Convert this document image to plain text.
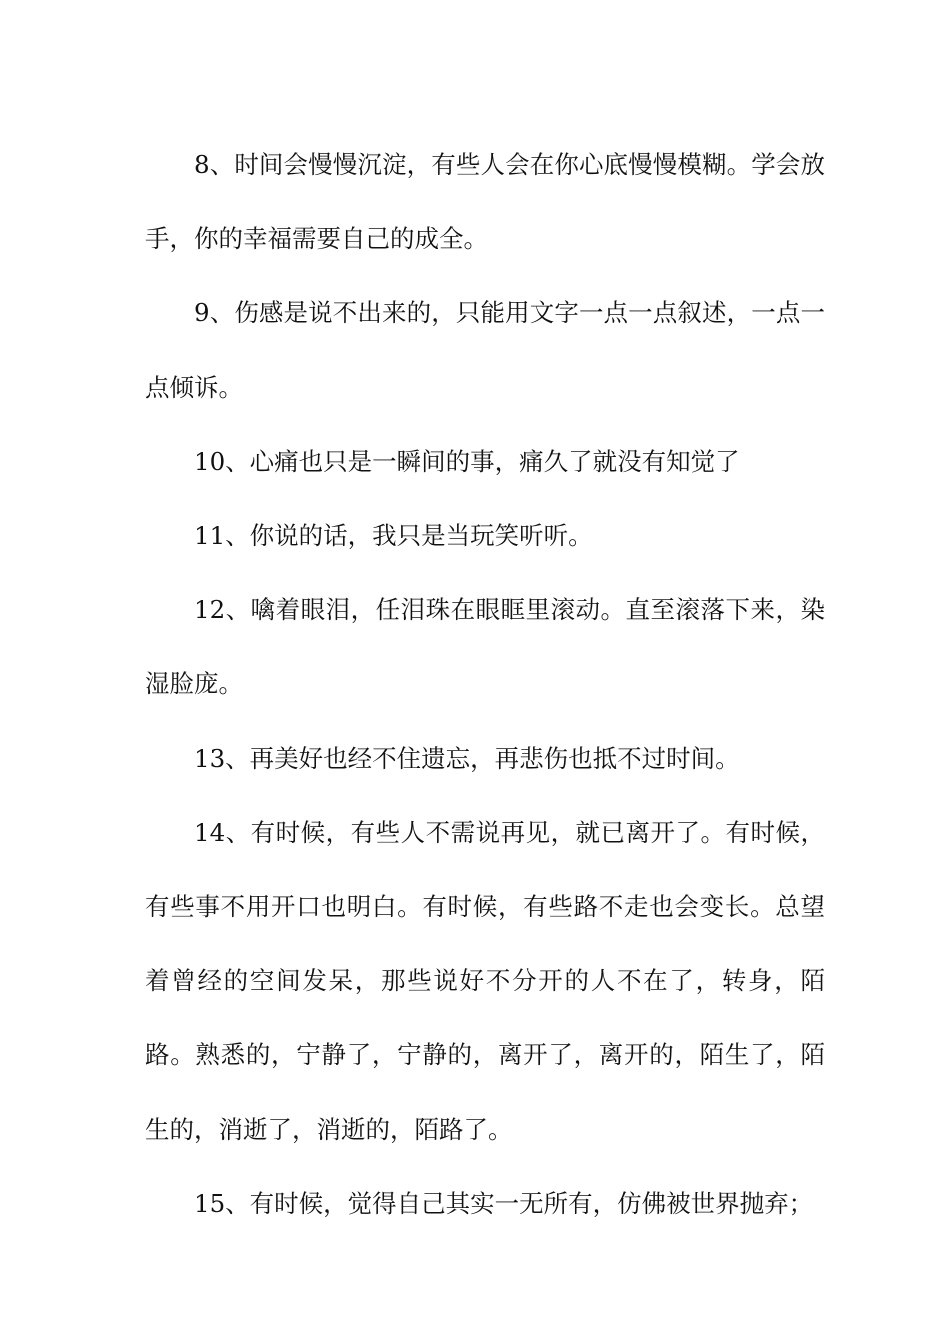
8、时间会慢慢沉淀，有些人会在你心底慢慢模糊。学会放手，你的幸福需要自己的成全。

9、伤感是说不出来的，只能用文字一点一点叙述，一点一点倾诉。

10、心痛也只是一瞬间的事，痛久了就没有知觉了

11、你说的话，我只是当玩笑听听。

12、噙着眼泪，任泪珠在眼眶里滚动。直至滚落下来，染湿脸庞。

13、再美好也经不住遗忘，再悲伤也抵不过时间。

14、有时候，有些人不需说再见，就已离开了。有时候，有些事不用开口也明白。有时候，有些路不走也会变长。总望着曾经的空间发呆，那些说好不分开的人不在了，转身，陌路。熟悉的，宁静了，宁静的，离开了，离开的，陌生了，陌生的，消逝了，消逝的，陌路了。

15、有时候，觉得自己其实一无所有，仿佛被世界抛弃；
